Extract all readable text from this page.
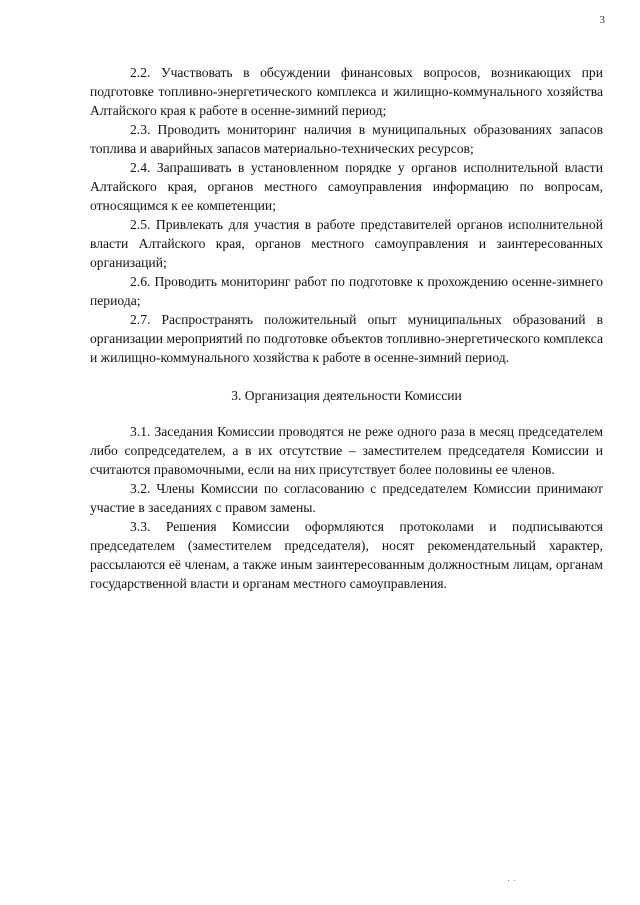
3

2.2. Участвовать в обсуждении финансовых вопросов, возникающих при подготовке топливно-энергетического комплекса и жилищно-коммунального хозяйства Алтайского края к работе в осенне-зимний период;

2.3. Проводить мониторинг наличия в муниципальных образованиях запасов топлива и аварийных запасов материально-технических ресурсов;

2.4. Запрашивать в установленном порядке у органов исполнительной власти Алтайского края, органов местного самоуправления информацию по вопросам, относящимся к ее компетенции;

2.5. Привлекать для участия в работе представителей органов исполнительной власти Алтайского края, органов местного самоуправления и заинтересованных организаций;

2.6. Проводить мониторинг работ по подготовке к прохождению осенне-зимнего периода;

2.7. Распространять положительный опыт муниципальных образований в организации мероприятий по подготовке объектов топливно-энергетического комплекса и жилищно-коммунального хозяйства к работе в осенне-зимний период.

3. Организация деятельности Комиссии

3.1. Заседания Комиссии проводятся не реже одного раза в месяц председателем либо сопредседателем, а в их отсутствие – заместителем председателя Комиссии и считаются правомочными, если на них присутствует более половины ее членов.

3.2. Члены Комиссии по согласованию с председателем Комиссии принимают участие в заседаниях с правом замены.

3.3. Решения Комиссии оформляются протоколами и подписываются председателем (заместителем председателя), носят рекомендательный характер, рассылаются её членам, а также иным заинтересованным должностным лицам, органам государственной власти и органам местного самоуправления.
